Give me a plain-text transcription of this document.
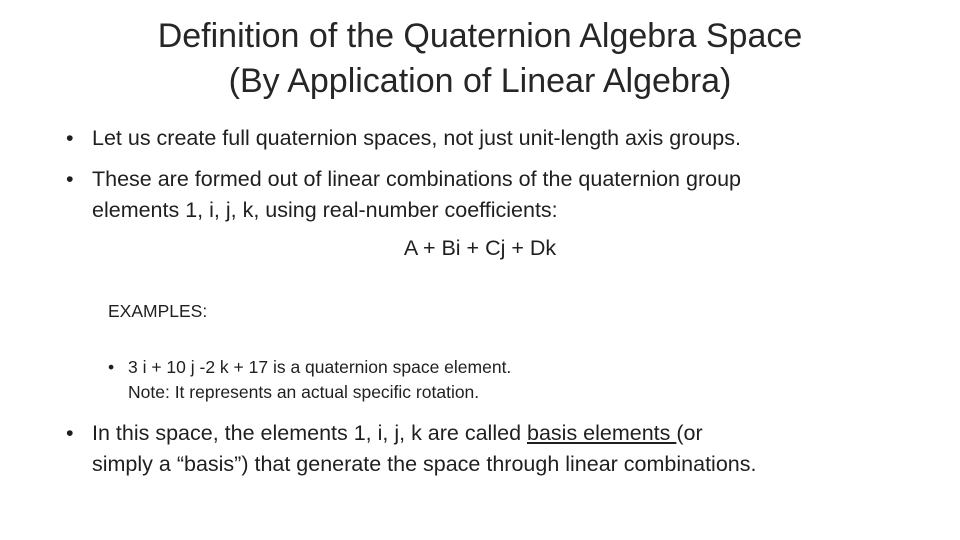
Definition of the Quaternion Algebra Space
(By Application of Linear Algebra)
• Let us create full quaternion spaces, not just unit-length axis groups.
• These are formed out of linear combinations of the quaternion group
elements 1, i, j, k, using real-number coefficients:
A + Bi + Cj + Dk
EXAMPLES:
• 3 i + 10 j -2 k + 17 is a quaternion space element.
Note: It represents an actual specific rotation.
• In this space, the elements 1, i, j, k are called basis elements (or
simply a “basis”) that generate the space through linear combinations.
